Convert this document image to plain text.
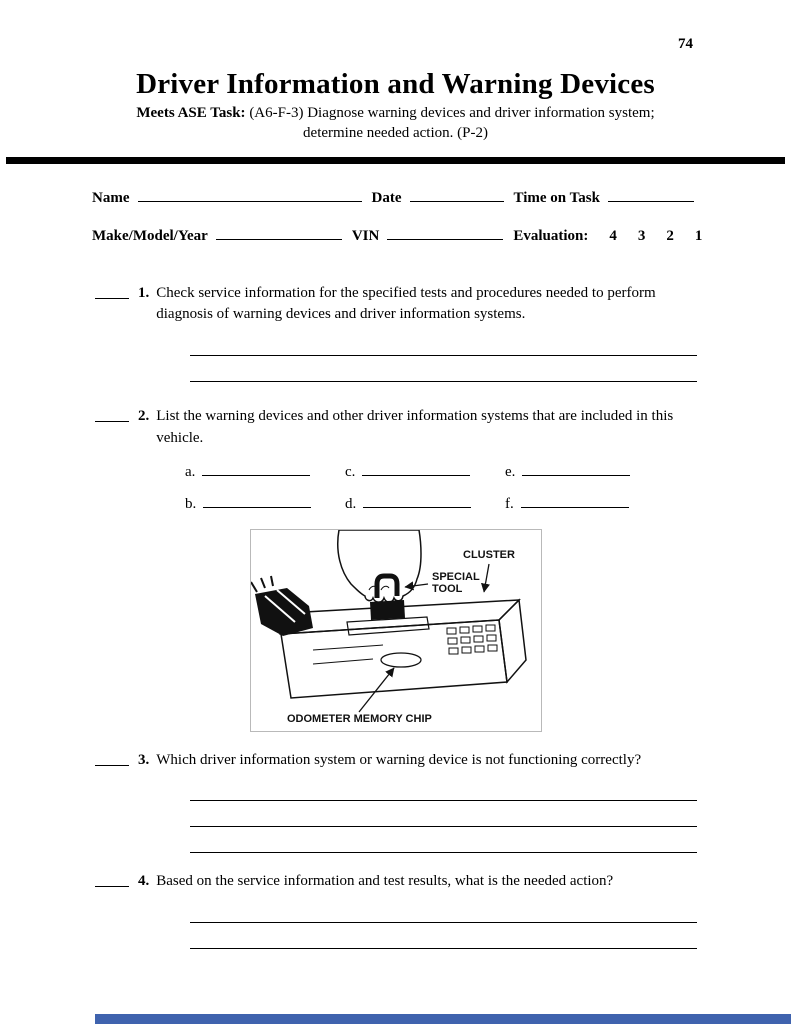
74
Driver Information and Warning Devices
Meets ASE Task: (A6-F-3) Diagnose warning devices and driver information system;
determine needed action. (P-2)
Name	Date	Time on Task
Make/Model/Year	VIN	Evaluation: 4 3 2 1
1. Check service information for the specified tests and procedures needed to perform diagnosis of warning devices and driver information systems.
2. List the warning devices and other driver information systems that are included in this vehicle.
a.	c.	e.
b.	d.	f.
CLUSTER
SPECIAL
TOOL
ODOMETER MEMORY CHIP
3. Which driver information system or warning device is not functioning correctly?
4. Based on the service information and test results, what is the needed action?
